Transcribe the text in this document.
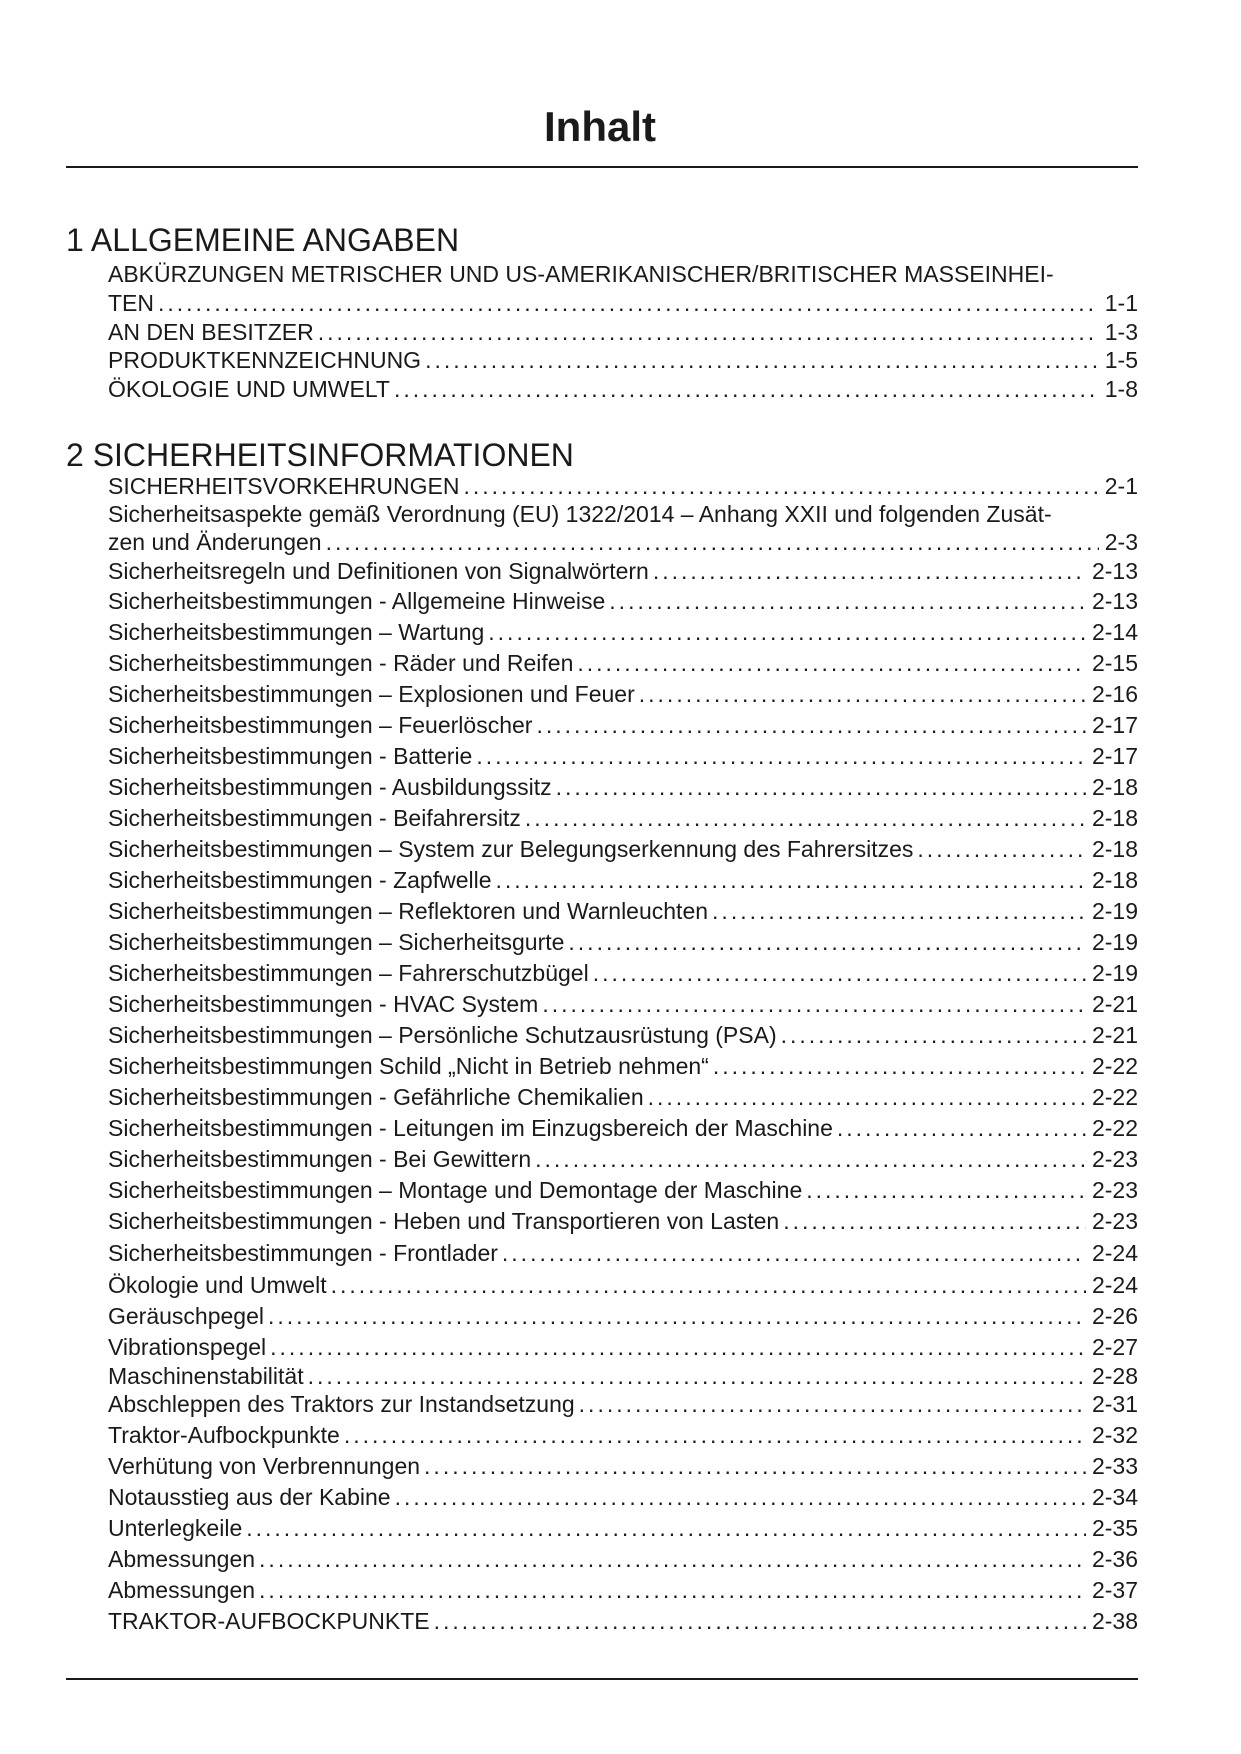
Inhalt
1 ALLGEMEINE ANGABEN
ABKÜRZUNGEN METRISCHER UND US-AMERIKANISCHER/BRITISCHER MASSEINHEI-
TEN .....	1-1
AN DEN BESITZER .....	1-3
PRODUKTKENNZEICHNUNG .....	1-5
ÖKOLOGIE UND UMWELT .....	1-8
2 SICHERHEITSINFORMATIONEN
SICHERHEITSVORKEHRUNGEN .....	2-1
Sicherheitsaspekte gemäß Verordnung (EU) 1322/2014 – Anhang XXII und folgenden Zusät-
zen und Änderungen .....	2-3
Sicherheitsregeln und Definitionen von Signalwörtern .....	2-13
Sicherheitsbestimmungen - Allgemeine Hinweise .....	2-13
Sicherheitsbestimmungen – Wartung .....	2-14
Sicherheitsbestimmungen - Räder und Reifen .....	2-15
Sicherheitsbestimmungen – Explosionen und Feuer .....	2-16
Sicherheitsbestimmungen – Feuerlöscher .....	2-17
Sicherheitsbestimmungen - Batterie .....	2-17
Sicherheitsbestimmungen - Ausbildungssitz .....	2-18
Sicherheitsbestimmungen - Beifahrersitz .....	2-18
Sicherheitsbestimmungen – System zur Belegungserkennung des Fahrersitzes .....	2-18
Sicherheitsbestimmungen - Zapfwelle .....	2-18
Sicherheitsbestimmungen – Reflektoren und Warnleuchten .....	2-19
Sicherheitsbestimmungen – Sicherheitsgurte .....	2-19
Sicherheitsbestimmungen – Fahrerschutzbügel .....	2-19
Sicherheitsbestimmungen - HVAC System .....	2-21
Sicherheitsbestimmungen – Persönliche Schutzausrüstung (PSA) .....	2-21
Sicherheitsbestimmungen Schild „Nicht in Betrieb nehmen“ .....	2-22
Sicherheitsbestimmungen - Gefährliche Chemikalien .....	2-22
Sicherheitsbestimmungen - Leitungen im Einzugsbereich der Maschine .....	2-22
Sicherheitsbestimmungen - Bei Gewittern .....	2-23
Sicherheitsbestimmungen – Montage und Demontage der Maschine .....	2-23
Sicherheitsbestimmungen - Heben und Transportieren von Lasten .....	2-23
Sicherheitsbestimmungen - Frontlader .....	2-24
Ökologie und Umwelt .....	2-24
Geräuschpegel .....	2-26
Vibrationspegel .....	2-27
Maschinenstabilität .....	2-28
Abschleppen des Traktors zur Instandsetzung .....	2-31
Traktor-Aufbockpunkte .....	2-32
Verhütung von Verbrennungen .....	2-33
Notausstieg aus der Kabine .....	2-34
Unterlegkeile .....	2-35
Abmessungen .....	2-36
Abmessungen .....	2-37
TRAKTOR-AUFBOCKPUNKTE .....	2-38
